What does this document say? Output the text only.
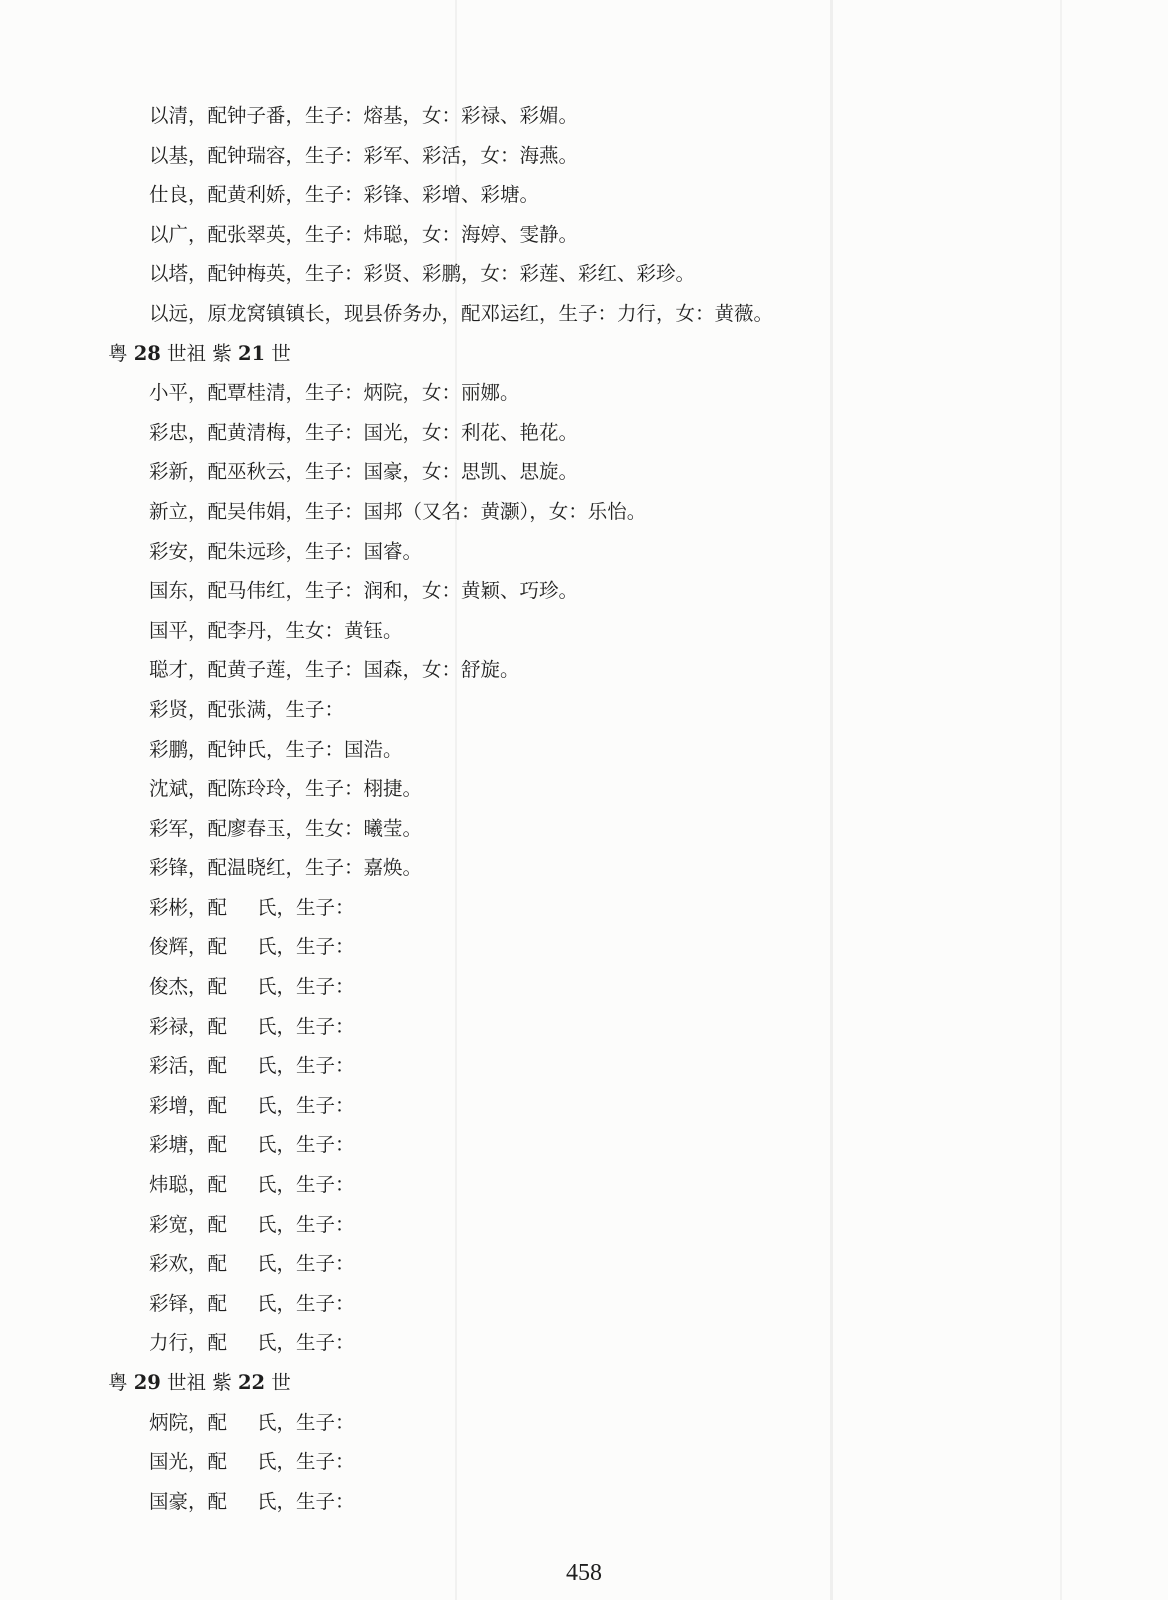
以清，配钟子番，生子：熔基，女：彩禄、彩媚。
以基，配钟瑞容，生子：彩军、彩活，女：海燕。
仕良，配黄利娇，生子：彩锋、彩增、彩塘。
以广，配张翠英，生子：炜聪，女：海婷、雯静。
以塔，配钟梅英，生子：彩贤、彩鹏，女：彩莲、彩红、彩珍。
以远，原龙窝镇镇长，现县侨务办，配邓运红，生子：力行，女：黄薇。
粤 28 世祖 紫 21 世
小平，配覃桂清，生子：炳院，女：丽娜。
彩忠，配黄清梅，生子：国光，女：利花、艳花。
彩新，配巫秋云，生子：国豪，女：思凯、思旋。
新立，配吴伟娟，生子：国邦（又名：黄灏），女：乐怡。
彩安，配朱远珍，生子：国睿。
国东，配马伟红，生子：润和，女：黄颖、巧珍。
国平，配李丹，生女：黄钰。
聪才，配黄子莲，生子：国森，女：舒旋。
彩贤，配张满，生子：
彩鹏，配钟氏，生子：国浩。
沈斌，配陈玲玲，生子：栩捷。
彩军，配廖春玉，生女：曦莹。
彩锋，配温晓红，生子：嘉焕。
彩彬，配 氏，生子：
俊辉，配 氏，生子：
俊杰，配 氏，生子：
彩禄，配 氏，生子：
彩活，配 氏，生子：
彩增，配 氏，生子：
彩塘，配 氏，生子：
炜聪，配 氏，生子：
彩宽，配 氏，生子：
彩欢，配 氏，生子：
彩铎，配 氏，生子：
力行，配 氏，生子：
粤 29 世祖 紫 22 世
炳院，配 氏，生子：
国光，配 氏，生子：
国豪，配 氏，生子：
458
